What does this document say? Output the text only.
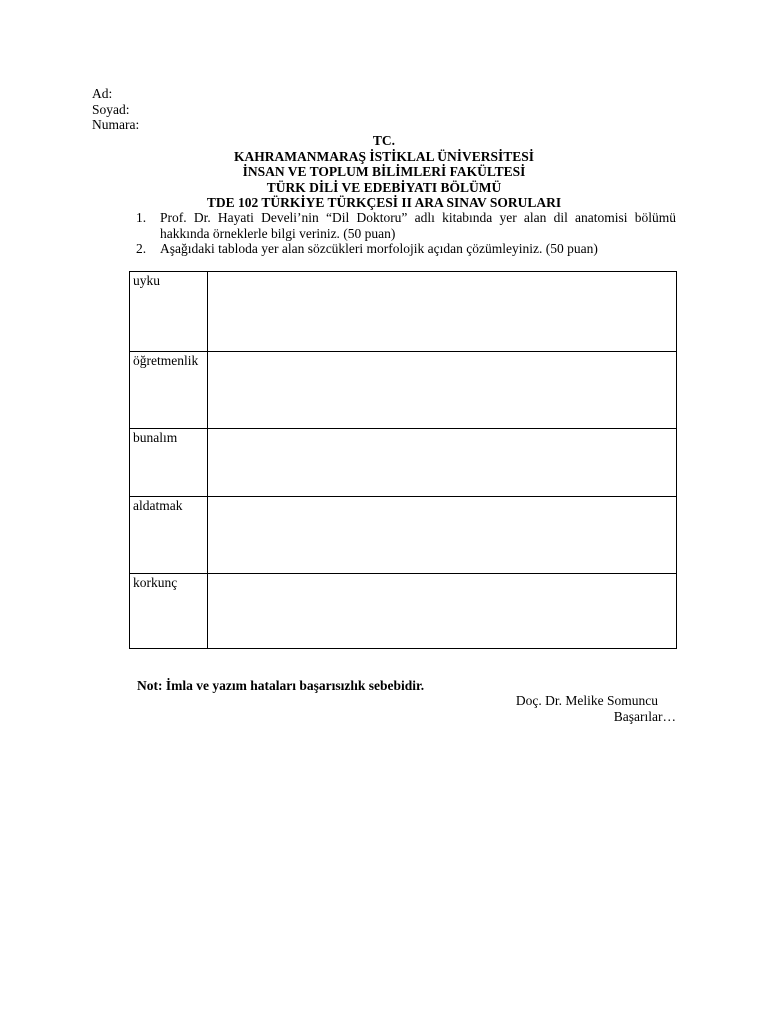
Ad:
Soyad:
Numara:
TC.
KAHRAMANMARAŞ İSTİKLAL ÜNİVERSİTESİ
İNSAN VE TOPLUM BİLİMLERİ FAKÜLTESİ
TÜRK DİLİ VE EDEBİYATI BÖLÜMÜ
TDE 102 TÜRKİYE TÜRKÇESİ II ARA SINAV SORULARI
1. Prof. Dr. Hayati Develi’nin “Dil Doktoru” adlı kitabında yer alan dil anatomisi bölümü hakkında örneklerle bilgi veriniz. (50 puan)
2. Aşağıdaki tabloda yer alan sözcükleri morfolojik açıdan çözümleyiniz. (50 puan)
uyku	
öğretmenlik	
bunalım	
aldatmak	
korkunç	
Not: İmla ve yazım hataları başarısızlık sebebidir.
Doç. Dr. Melike Somuncu
Başarılar…
